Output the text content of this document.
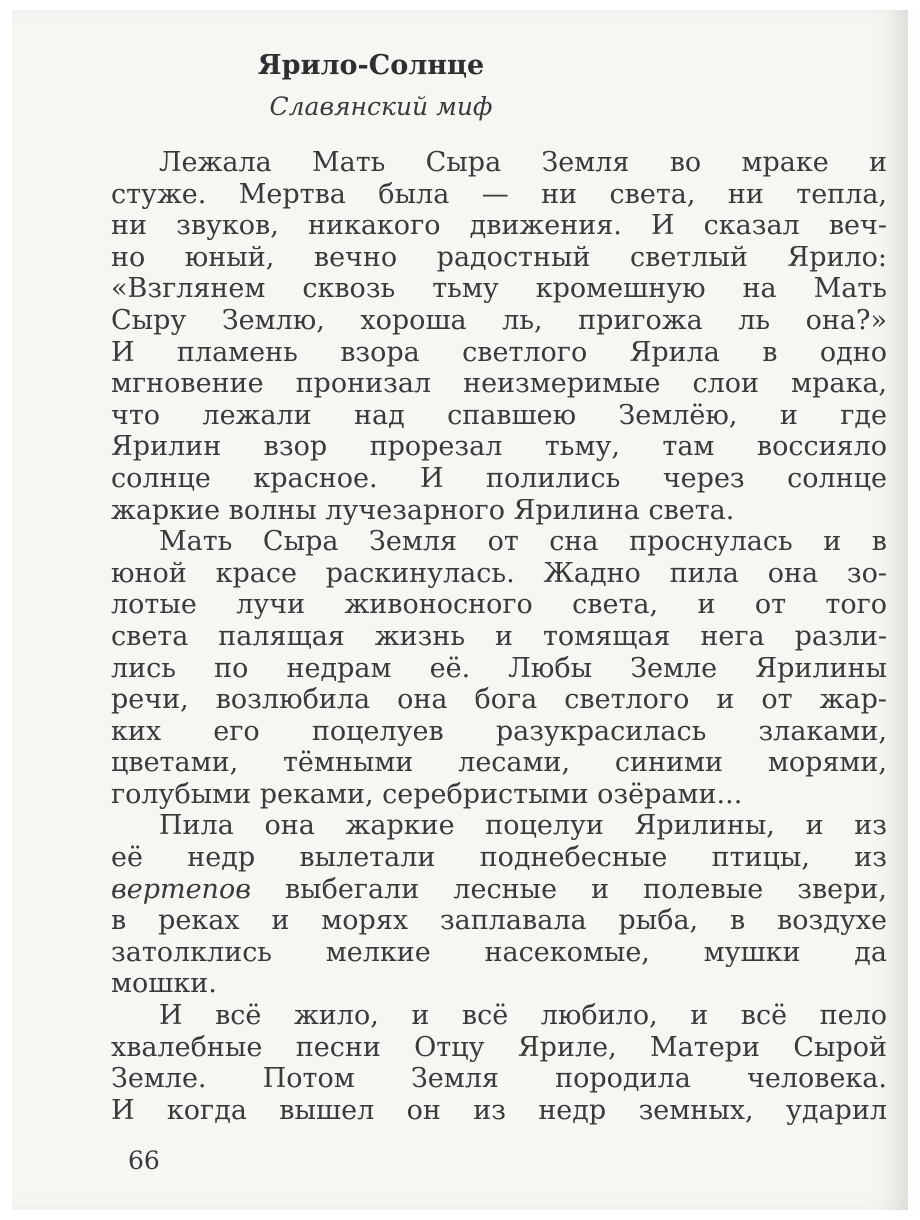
Ярило-Солнце

Славянский миф

Лежала Мать Сыра Земля во мраке и
стуже. Мертва была — ни света, ни тепла,
ни звуков, никакого движения. И сказал веч-
но юный, вечно радостный светлый Ярило:
«Взглянем сквозь тьму кромешную на Мать
Сыру Землю, хороша ль, пригожа ль она?»
И пламень взора светлого Ярила в одно
мгновение пронизал неизмеримые слои мрака,
что лежали над спавшею Землёю, и где
Ярилин взор прорезал тьму, там воссияло
солнце красное. И полились через солнце
жаркие волны лучезарного Ярилина света.
Мать Сыра Земля от сна проснулась и в
юной красе раскинулась. Жадно пила она зо-
лотые лучи живоносного света, и от того
света палящая жизнь и томящая нега разли-
лись по недрам её. Любы Земле Ярилины
речи, возлюбила она бога светлого и от жар-
ких его поцелуев разукрасилась злаками,
цветами, тёмными лесами, синими морями,
голубыми реками, серебристыми озёрами...
Пила она жаркие поцелуи Ярилины, и из
её недр вылетали поднебесные птицы, из
вертепов выбегали лесные и полевые звери,
в реках и морях заплавала рыба, в воздухе
затолклись мелкие насекомые, мушки да
мошки.
И всё жило, и всё любило, и всё пело
хвалебные песни Отцу Яриле, Матери Сырой
Земле. Потом Земля породила человека.
И когда вышел он из недр земных, ударил
66
